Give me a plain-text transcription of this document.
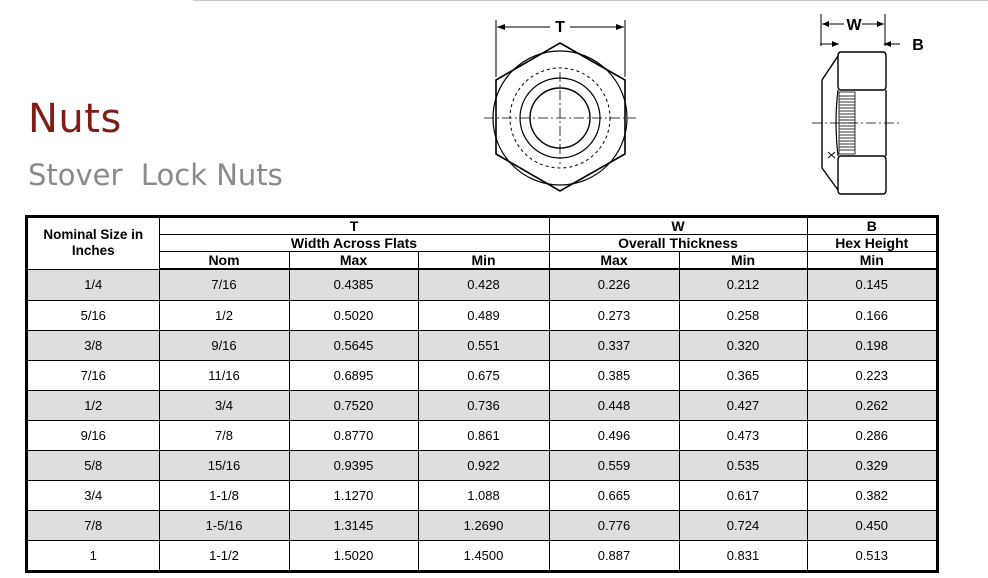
Nuts
Stover  Lock Nuts
T	W
B
Nominal Size in Inches	T			W		B
	Width Across Flats			Overall Thickness		Hex Height
	Nom	Max	Min	Max	Min	Min
1/4	7/16	0.4385	0.428	0.226	0.212	0.145
5/16	1/2	0.5020	0.489	0.273	0.258	0.166
3/8	9/16	0.5645	0.551	0.337	0.320	0.198
7/16	11/16	0.6895	0.675	0.385	0.365	0.223
1/2	3/4	0.7520	0.736	0.448	0.427	0.262
9/16	7/8	0.8770	0.861	0.496	0.473	0.286
5/8	15/16	0.9395	0.922	0.559	0.535	0.329
3/4	1-1/8	1.1270	1.088	0.665	0.617	0.382
7/8	1-5/16	1.3145	1.2690	0.776	0.724	0.450
1	1-1/2	1.5020	1.4500	0.887	0.831	0.513
